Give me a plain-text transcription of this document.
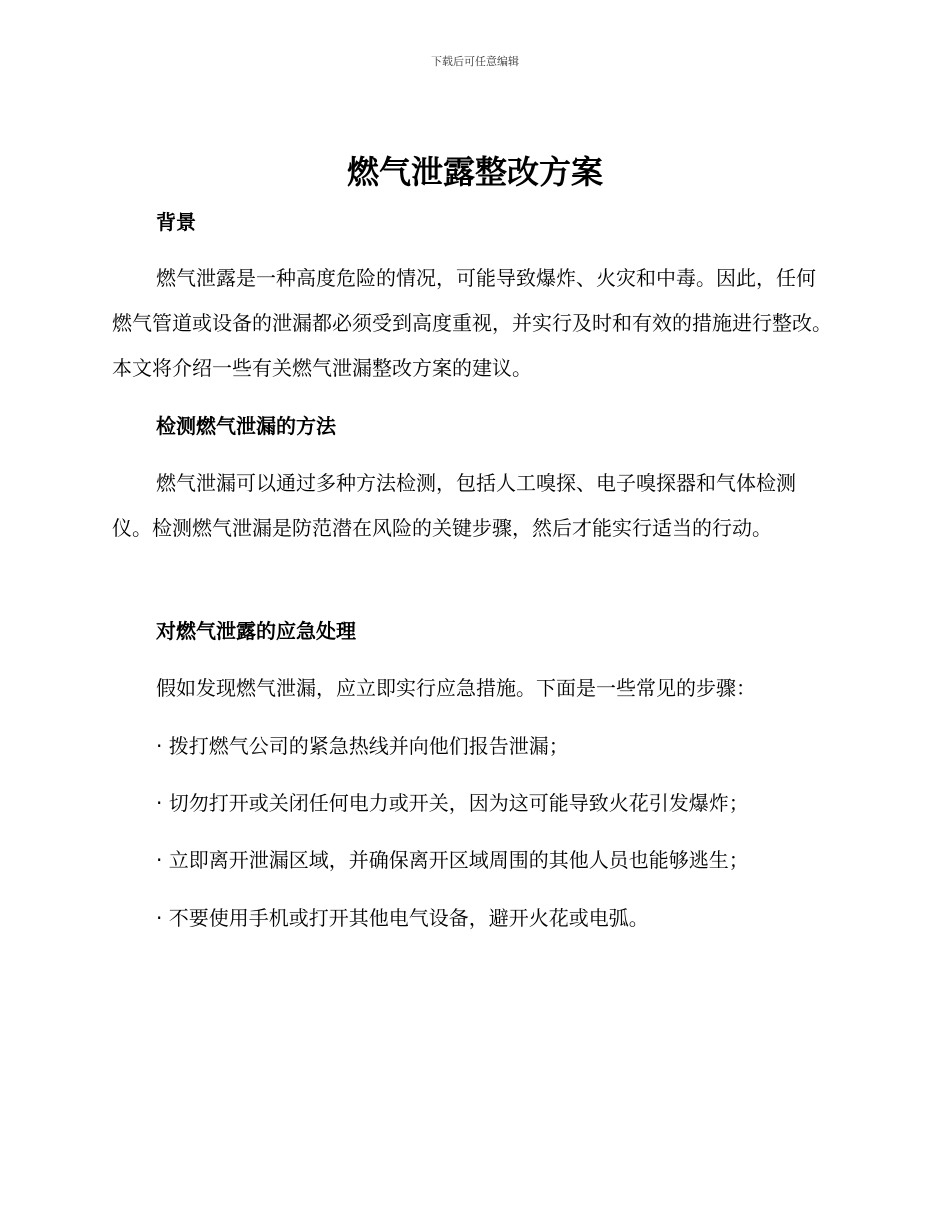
下载后可任意编辑
燃气泄露整改方案
背景

燃气泄露是一种高度危险的情况，可能导致爆炸、火灾和中毒。因此，任何燃气管道或设备的泄漏都必须受到高度重视，并实行及时和有效的措施进行整改。本文将介绍一些有关燃气泄漏整改方案的建议。

检测燃气泄漏的方法

燃气泄漏可以通过多种方法检测，包括人工嗅探、电子嗅探器和气体检测仪。检测燃气泄漏是防范潜在风险的关键步骤，然后才能实行适当的行动。

对燃气泄露的应急处理

假如发现燃气泄漏，应立即实行应急措施。下面是一些常见的步骤：

· 拨打燃气公司的紧急热线并向他们报告泄漏；

· 切勿打开或关闭任何电力或开关，因为这可能导致火花引发爆炸；

· 立即离开泄漏区域，并确保离开区域周围的其他人员也能够逃生；

· 不要使用手机或打开其他电气设备，避开火花或电弧。
